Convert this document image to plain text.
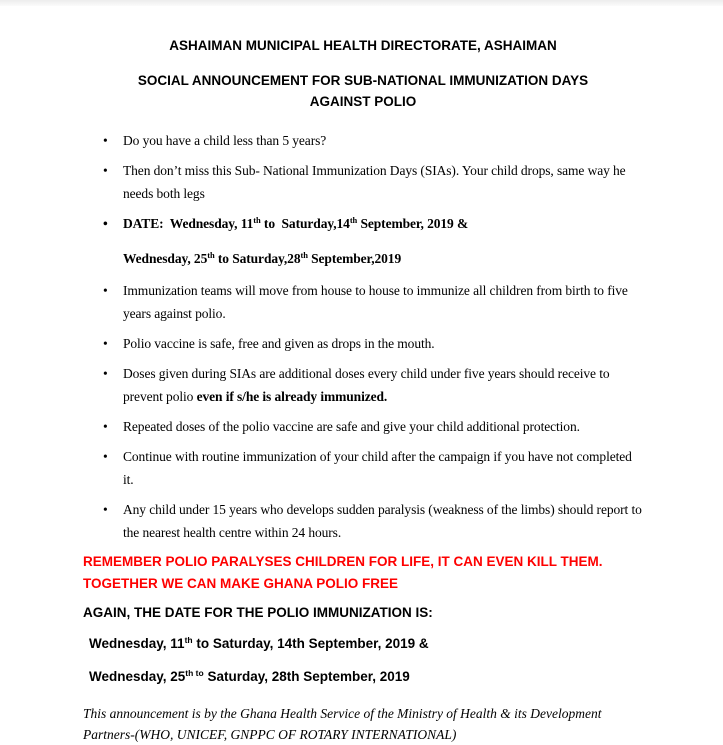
ASHAIMAN MUNICIPAL HEALTH DIRECTORATE, ASHAIMAN
SOCIAL ANNOUNCEMENT FOR SUB-NATIONAL IMMUNIZATION DAYS
AGAINST POLIO
• Do you have a child less than 5 years?
• Then don’t miss this Sub- National Immunization Days (SIAs). Your child drops, same way he needs both legs
• DATE:  Wednesday, 11th to  Saturday,14th September, 2019 &
Wednesday, 25th to Saturday,28th September,2019
• Immunization teams will move from house to house to immunize all children from birth to five years against polio.
• Polio vaccine is safe, free and given as drops in the mouth.
• Doses given during SIAs are additional doses every child under five years should receive to prevent polio even if s/he is already immunized.
• Repeated doses of the polio vaccine are safe and give your child additional protection.
• Continue with routine immunization of your child after the campaign if you have not completed it.
• Any child under 15 years who develops sudden paralysis (weakness of the limbs) should report to the nearest health centre within 24 hours.
REMEMBER POLIO PARALYSES CHILDREN FOR LIFE, IT CAN EVEN KILL THEM.
TOGETHER WE CAN MAKE GHANA POLIO FREE
AGAIN, THE DATE FOR THE POLIO IMMUNIZATION IS:
Wednesday, 11th to Saturday, 14th September, 2019 &
Wednesday, $25^{th to}$ Saturday, 28th September, 2019
This announcement is by the Ghana Health Service of the Ministry of Health & its Development
Partners-(WHO, UNICEF, GNPPC OF ROTARY INTERNATIONAL)
